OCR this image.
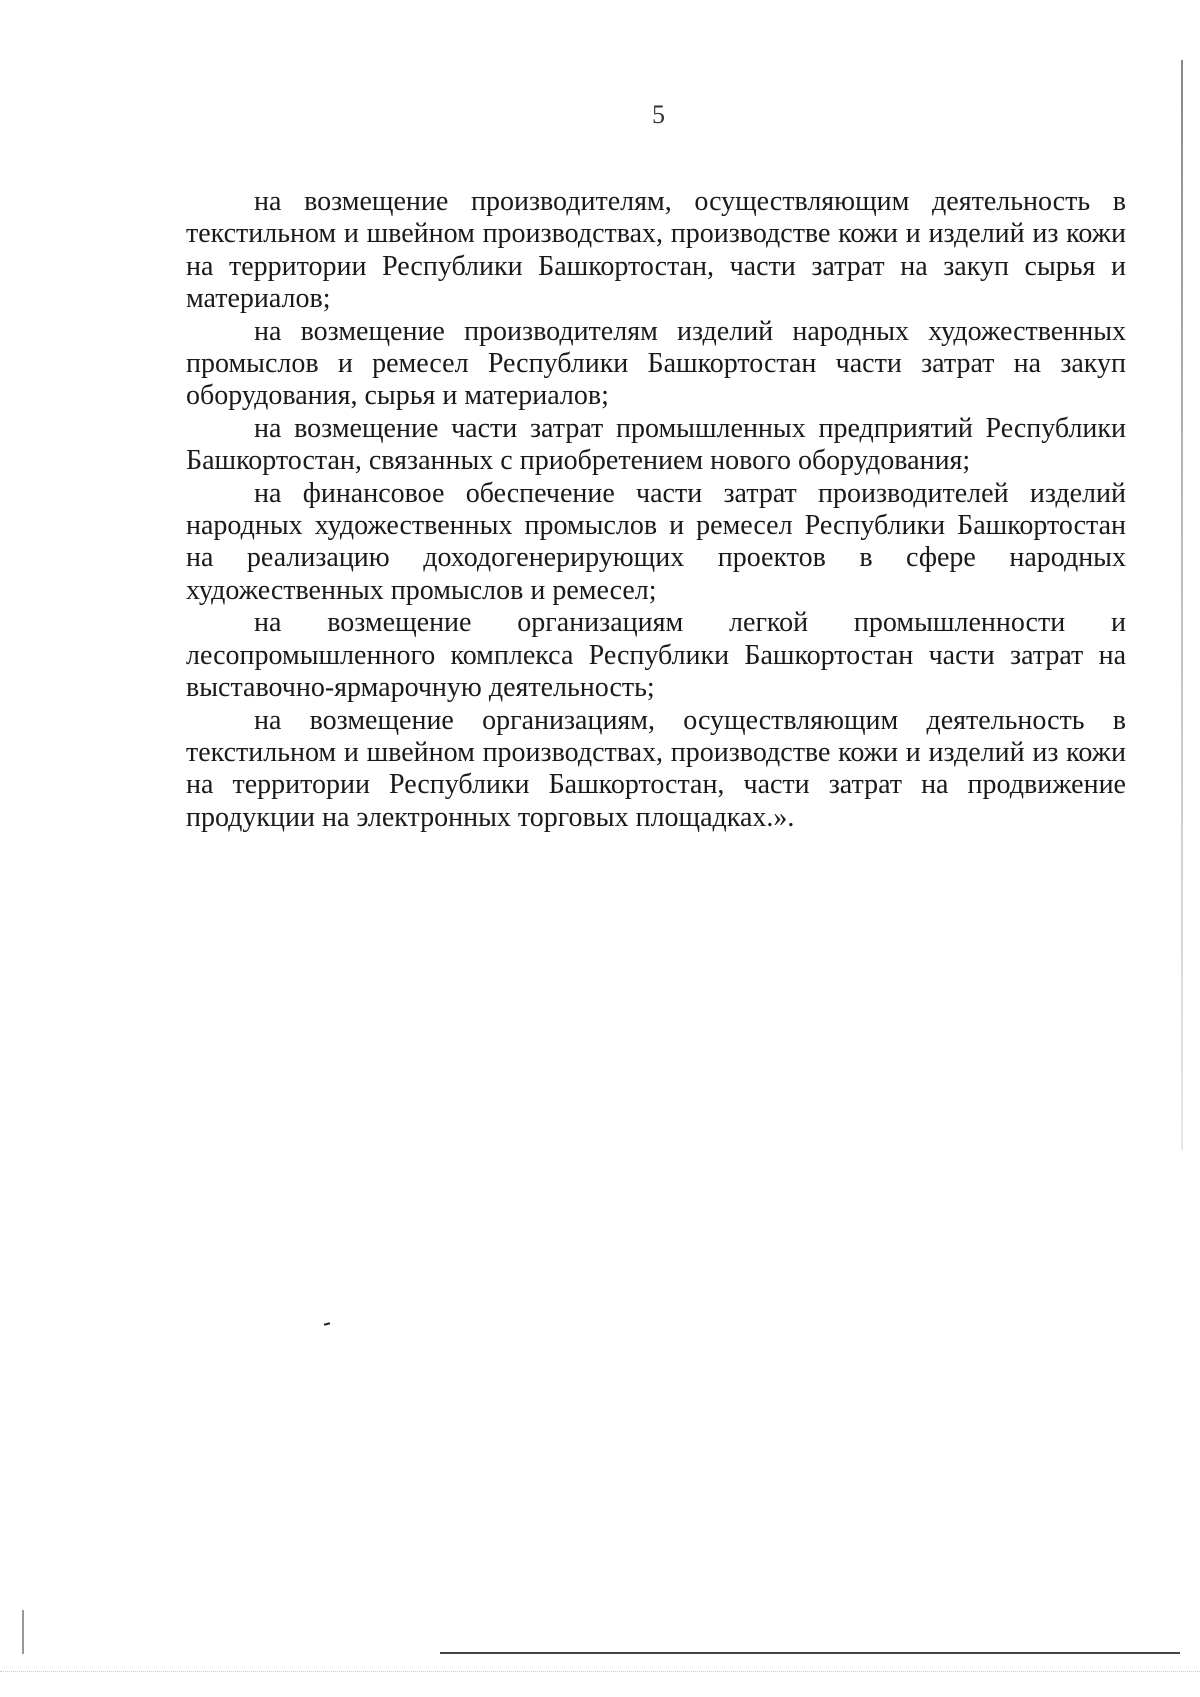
5

на возмещение производителям, осуществляющим деятельность в текстильном и швейном производствах, производстве кожи и изделий из кожи на территории Республики Башкортостан, части затрат на закуп сырья и материалов;

на возмещение производителям изделий народных художественных промыслов и ремесел Республики Башкортостан части затрат на закуп оборудования, сырья и материалов;

на возмещение части затрат промышленных предприятий Республики Башкортостан, связанных с приобретением нового оборудования;

на финансовое обеспечение части затрат производителей изделий народных художественных промыслов и ремесел Республики Башкортостан на реализацию доходогенерирующих проектов в сфере народных художественных промыслов и ремесел;

на возмещение организациям легкой промышленности и лесопромышленного комплекса Республики Башкортостан части затрат на выставочно-ярмарочную деятельность;

на возмещение организациям, осуществляющим деятельность в текстильном и швейном производствах, производстве кожи и изделий из кожи на территории Республики Башкортостан, части затрат на продвижение продукции на электронных торговых площадках.».
